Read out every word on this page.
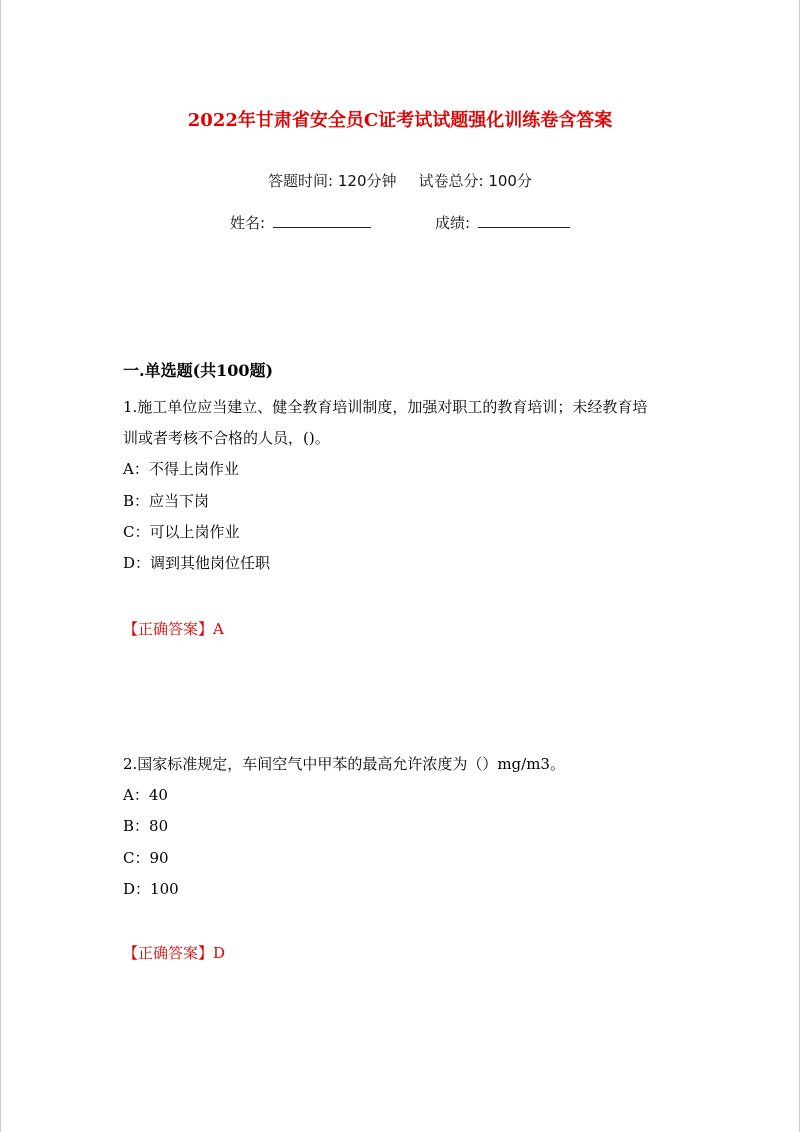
2022年甘肃省安全员C证考试试题强化训练卷含答案
答题时间: 120分钟 试卷总分: 100分
姓名:	成绩:
一.单选题(共100题)
1.施工单位应当建立、健全教育培训制度，加强对职工的教育培训；未经教育培
训或者考核不合格的人员，()。
A：不得上岗作业
B：应当下岗
C：可以上岗作业
D：调到其他岗位任职
【正确答案】A
2.国家标准规定，车间空气中甲苯的最高允许浓度为（）mg/m3。
A：40
B：80
C：90
D：100
【正确答案】D
